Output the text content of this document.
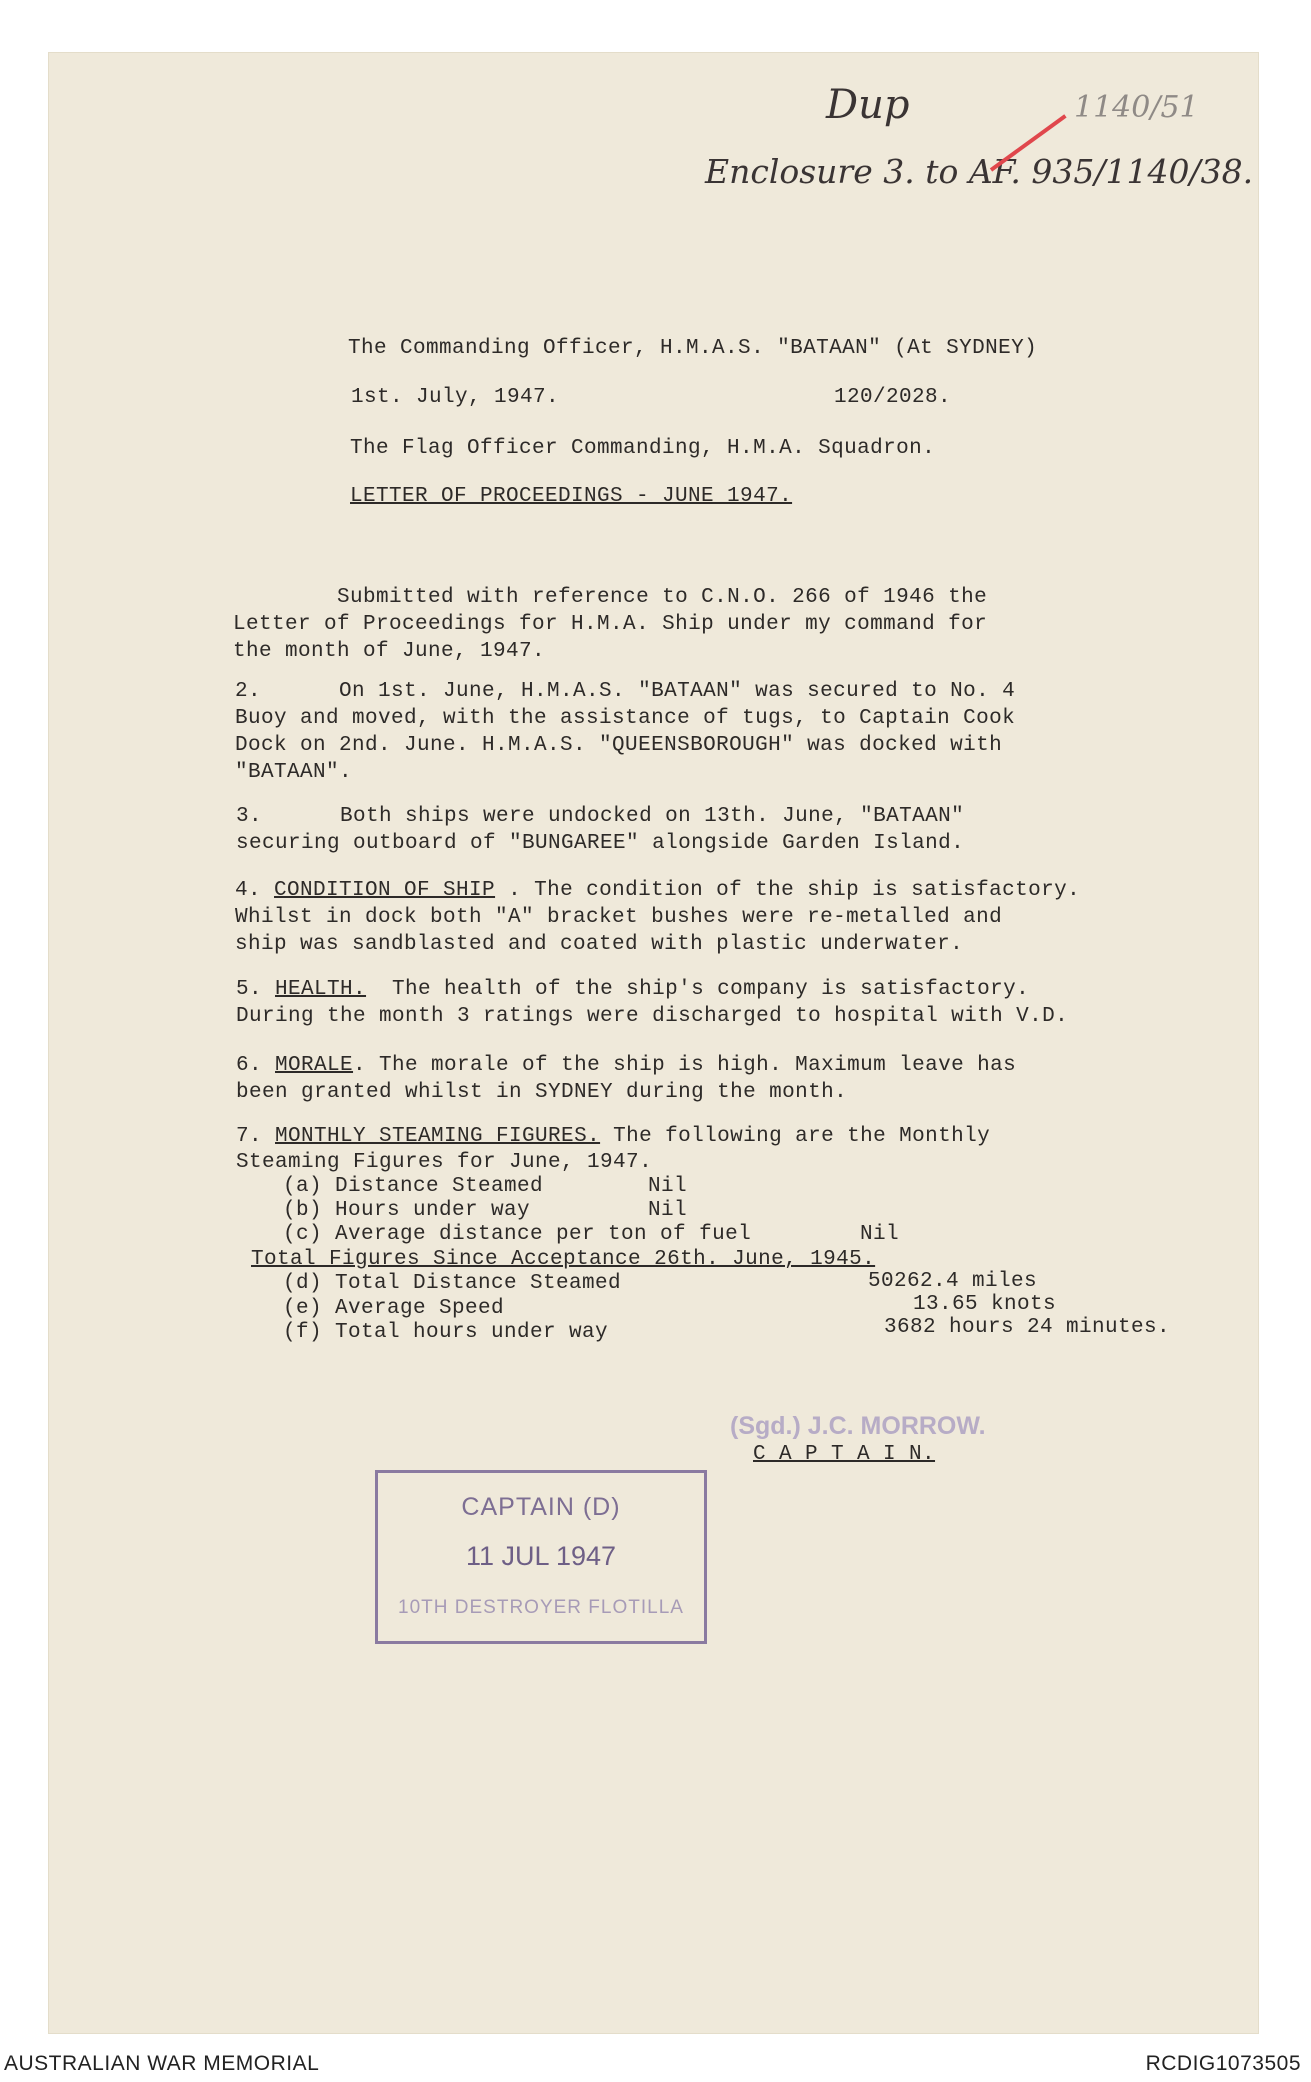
Dup	1140/51
Enclosure 3. to AF. 935/1140/38.
The Commanding Officer, H.M.A.S. "BATAAN" (At SYDNEY)
1st. July, 1947.	120/2028.
The Flag Officer Commanding, H.M.A. Squadron.
LETTER OF PROCEEDINGS - JUNE 1947.
Submitted with reference to C.N.O. 266 of 1946 the
Letter of Proceedings for H.M.A. Ship under my command for
the month of June, 1947.
2.      On 1st. June, H.M.A.S. "BATAAN" was secured to No. 4
Buoy and moved, with the assistance of tugs, to Captain Cook
Dock on 2nd. June. H.M.A.S. "QUEENSBOROUGH" was docked with
"BATAAN".
3.      Both ships were undocked on 13th. June, "BATAAN"
securing outboard of "BUNGAREE" alongside Garden Island.
4. CONDITION OF SHIP . The condition of the ship is satisfactory.
Whilst in dock both "A" bracket bushes were re-metalled and
ship was sandblasted and coated with plastic underwater.
5. HEALTH.  The health of the ship's company is satisfactory.
During the month 3 ratings were discharged to hospital with V.D.
6. MORALE. The morale of the ship is high. Maximum leave has
been granted whilst in SYDNEY during the month.
7. MONTHLY STEAMING FIGURES. The following are the Monthly
Steaming Figures for June, 1947.
(a) Distance Steamed	Nil
(b) Hours under way	Nil
(c) Average distance per ton of fuel	Nil
Total Figures Since Acceptance 26th. June, 1945.
(d) Total Distance Steamed	50262.4 miles
(e) Average Speed	13.65 knots
(f) Total hours under way	3682 hours 24 minutes.
(Sgd.) J.C. MORROW.
C A P T A I N.
CAPTAIN (D)
11 JUL 1947
10TH DESTROYER FLOTILLA
AUSTRALIAN WAR MEMORIAL	RCDIG1073505
